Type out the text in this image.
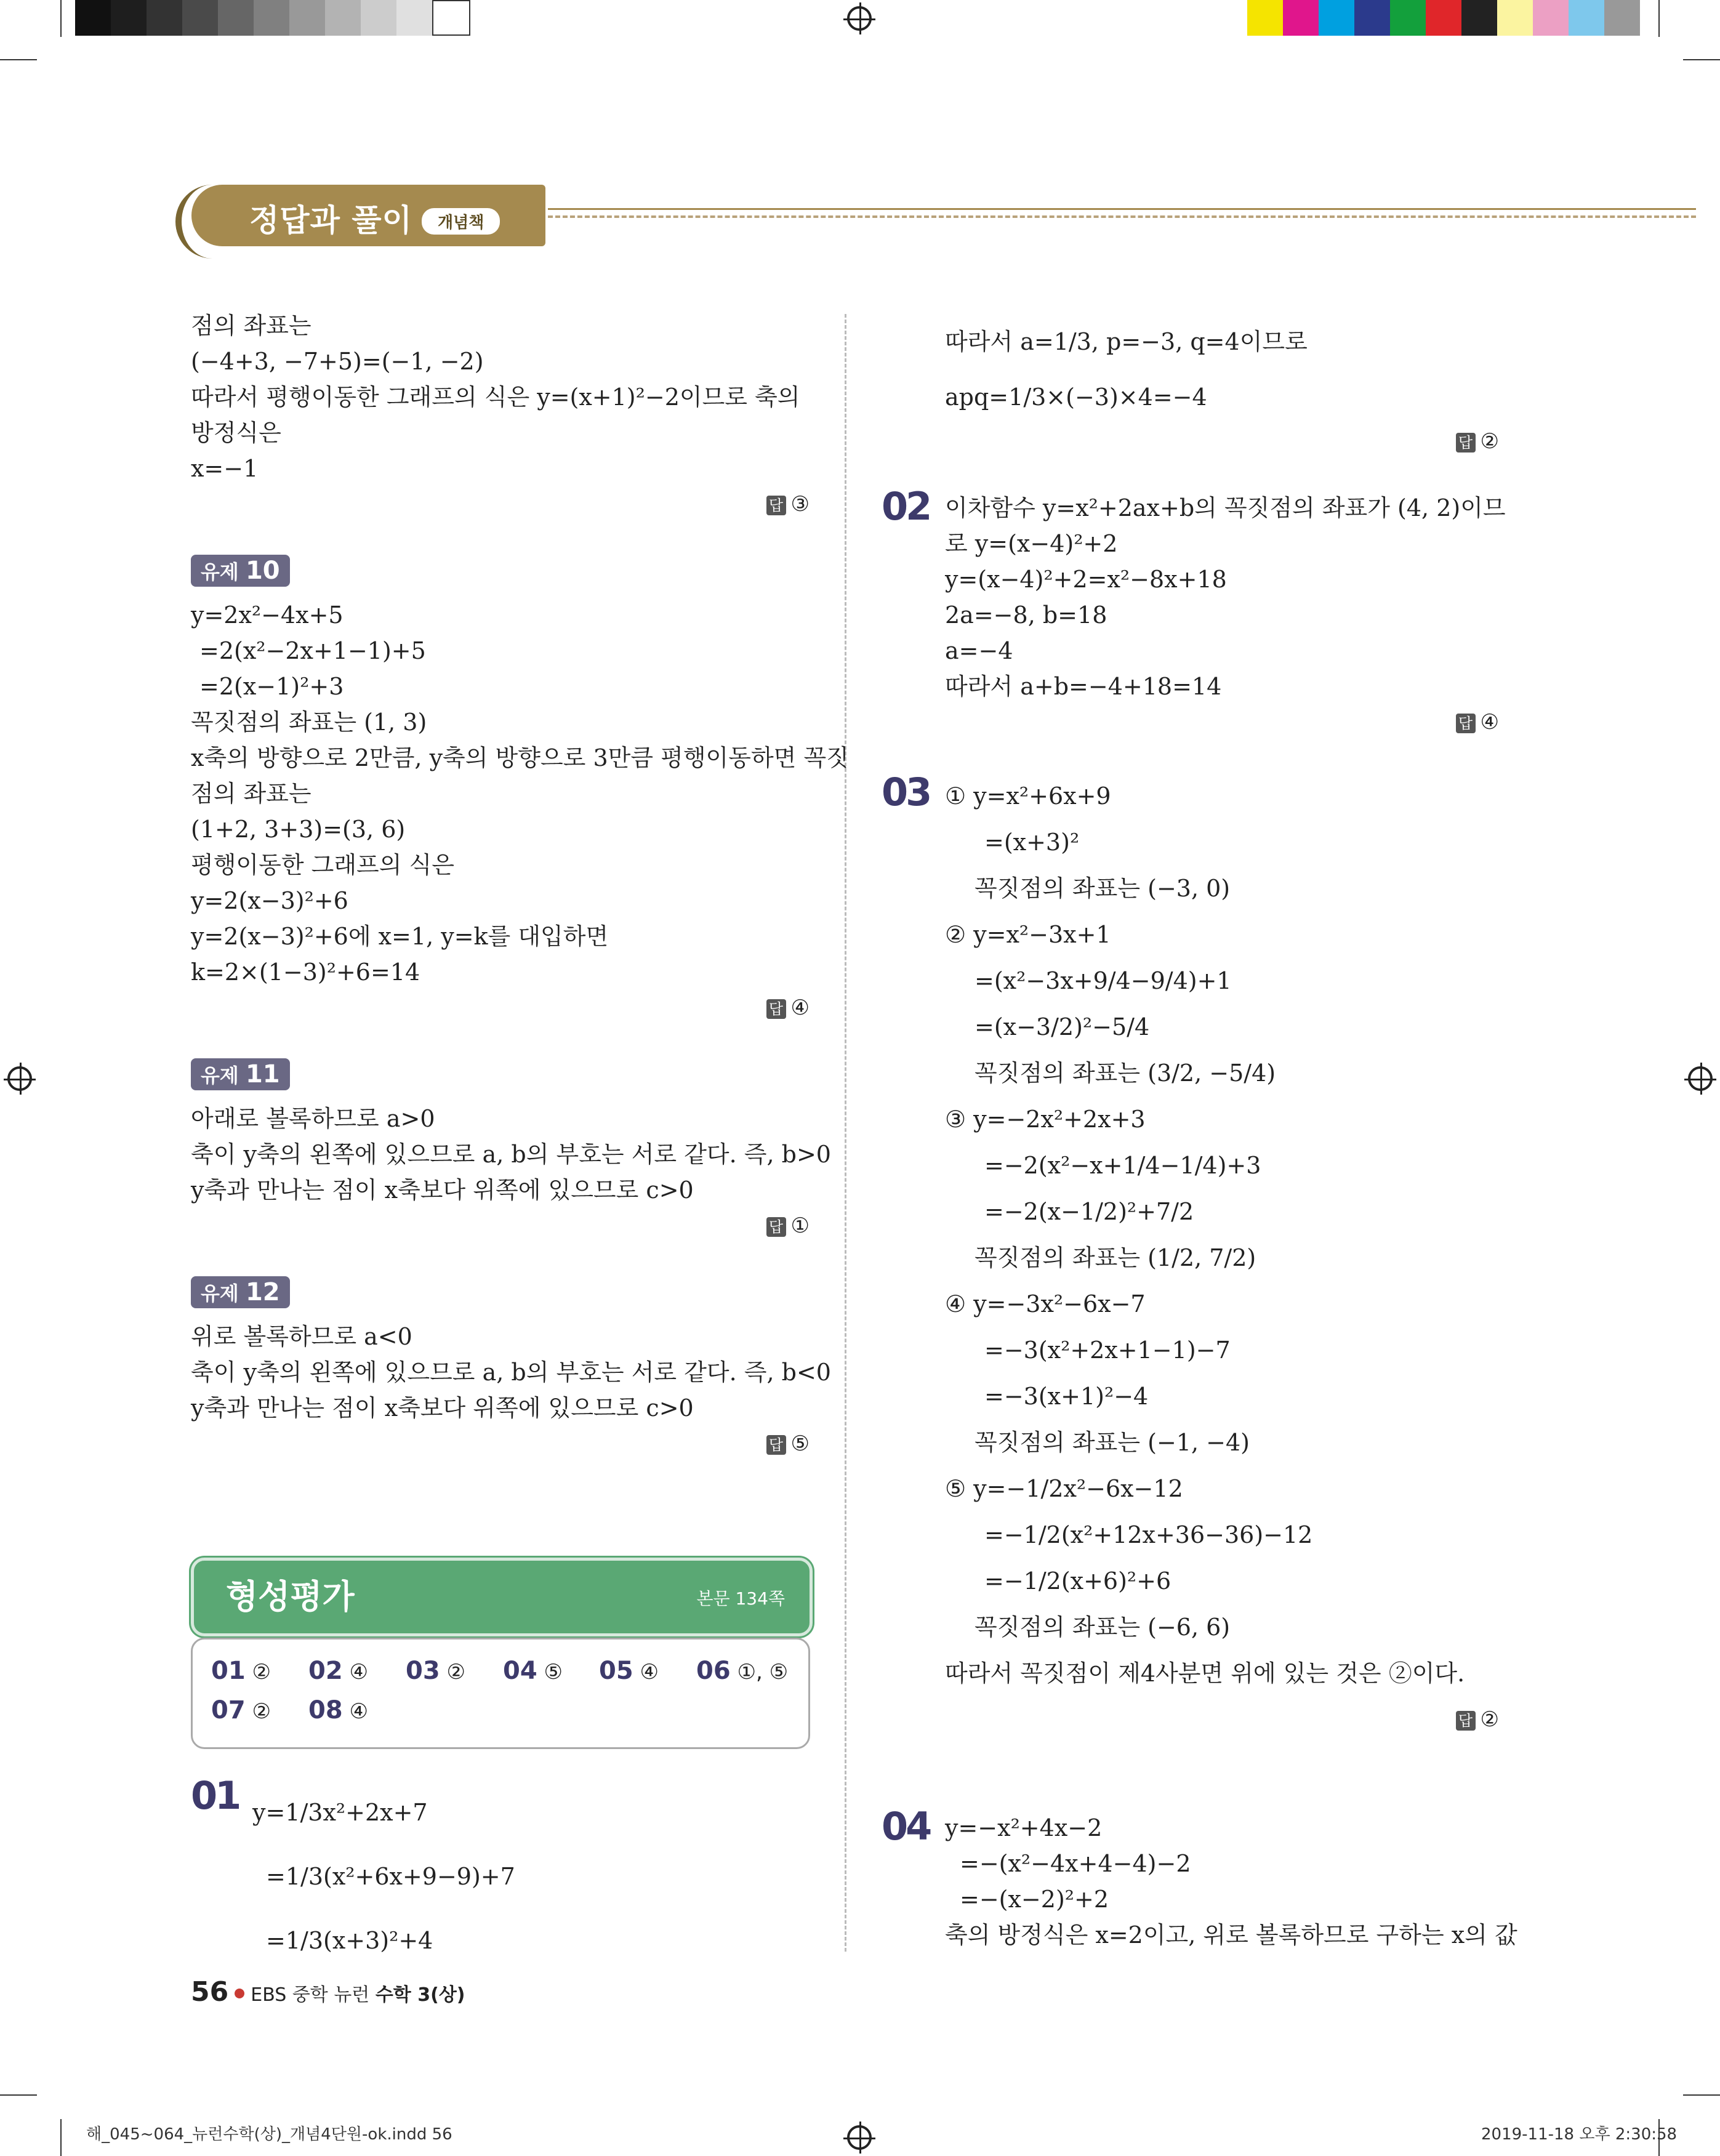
정답과 풀이	개념책

점의 좌표는

(−4+3, −7+5)=(−1, −2)

따라서 평행이동한 그래프의 식은 y=(x+1)²−2이므로 축의

방정식은

x=−1

답 ③

유제 10

y=2x²−4x+5

=2(x²−2x+1−1)+5

=2(x−1)²+3

꼭짓점의 좌표는 (1, 3)

x축의 방향으로 2만큼, y축의 방향으로 3만큼 평행이동하면 꼭짓

점의 좌표는

(1+2, 3+3)=(3, 6)

평행이동한 그래프의 식은

y=2(x−3)²+6

y=2(x−3)²+6에 x=1, y=k를 대입하면

k=2×(1−3)²+6=14

답 ④

유제 11

아래로 볼록하므로 a>0

축이 y축의 왼쪽에 있으므로 a, b의 부호는 서로 같다. 즉, b>0

y축과 만나는 점이 x축보다 위쪽에 있으므로 c>0

답 ①

유제 12

위로 볼록하므로 a<0

축이 y축의 왼쪽에 있으므로 a, b의 부호는 서로 같다. 즉, b<0

y축과 만나는 점이 x축보다 위쪽에 있으므로 c>0

답 ⑤

형성평가	본문 134쪽
01 ② 02 ④ 03 ② 04 ⑤ 05 ④ 06 ①, ⑤
07 ② 08 ④
01 y=1/3x²+2x+7

=1/3(x²+6x+9−9)+7

=1/3(x+3)²+4

따라서 a=1/3, p=−3, q=4이므로

apq=1/3×(−3)×4=−4

답 ②
02 이차함수 y=x²+2ax+b의 꼭짓점의 좌표가 (4, 2)이므

로 y=(x−4)²+2

y=(x−4)²+2=x²−8x+18

2a=−8, b=18

a=−4

따라서 a+b=−4+18=14

답 ④

03 ① y=x²+6x+9

=(x+3)²

꼭짓점의 좌표는 (−3, 0)

② y=x²−3x+1

=(x²−3x+9/4−9/4)+1

=(x−3/2)²−5/4

꼭짓점의 좌표는 (3/2, −5/4)

③ y=−2x²+2x+3

=−2(x²−x+1/4−1/4)+3

=−2(x−1/2)²+7/2

꼭짓점의 좌표는 (1/2, 7/2)

④ y=−3x²−6x−7

=−3(x²+2x+1−1)−7

=−3(x+1)²−4

꼭짓점의 좌표는 (−1, −4)

⑤ y=−1/2x²−6x−12

=−1/2(x²+12x+36−36)−12

=−1/2(x+6)²+6

꼭짓점의 좌표는 (−6, 6)

따라서 꼭짓점이 제4사분면 위에 있는 것은 ②이다.

답 ②

04 y=−x²+4x−2

=−(x²−4x+4−4)−2

=−(x−2)²+2

축의 방정식은 x=2이고, 위로 볼록하므로 구하는 x의 값

56 EBS 중학 뉴런 수학 3(상)
해_045~064_뉴런수학(상)_개념4단원-ok.indd 56	2019-11-18 오후 2:30:58
